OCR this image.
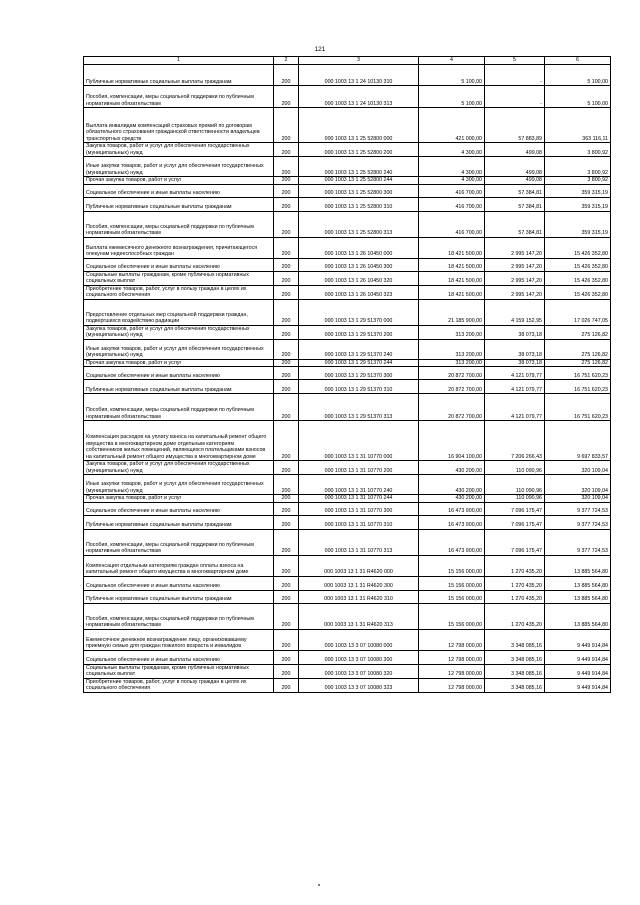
121
1	2	3	4	5	6
Публичные нормативные социальные выплаты гражданам	200	000 1003 13 1 24 10130 310	5 100,00	-	5 100,00
Пособия, компенсации, меры социальной поддержки по публичным нормативным обязательствам	200	000 1003 13 1 24 10130 313	5 100,00	-	5 100,00
Выплата инвалидам компенсаций страховых премий по договорам обязательного страхования гражданской ответственности владельцев транспортных средств	200	000 1003 13 1 25 52800 000	421 000,00	57 883,89	363 116,11
Закупка товаров, работ и услуг для обеспечения государственных (муниципальных) нужд	200	000 1003 13 1 25 52800 200	4 300,00	499,08	3 800,92
Иные закупки товаров, работ и услуг для обеспечения государственных (муниципальных) нужд	200	000 1003 13 1 25 52800 240	4 300,00	499,08	3 800,92
Прочая закупка товаров, работ и услуг	200	000 1003 13 1 25 52800 244	4 300,00	499,08	3 800,92
Социальное обеспечение и иные выплаты населению	200	000 1003 13 1 25 52800 300	416 700,00	57 384,81	359 315,19
Публичные нормативные социальные выплаты гражданам	200	000 1003 13 1 25 52800 310	416 700,00	57 384,81	359 315,19
Пособия, компенсации, меры социальной поддержки по публичным нормативным обязательствам	200	000 1003 13 1 25 52800 313	416 700,00	57 384,81	359 315,19
Выплата ежемесячного денежного вознаграждения, причитающегося опекунам недееспособных граждан	200	000 1003 13 1 26 10450 000	18 421 500,00	2 995 147,20	15 426 352,80
Социальное обеспечение и иные выплаты населению	200	000 1003 13 1 26 10450 300	18 421 500,00	2 995 147,20	15 426 352,80
Социальные выплаты гражданам, кроме публичных нормативных социальных выплат	200	000 1003 13 1 26 10450 320	18 421 500,00	2 995 147,20	15 426 352,80
Приобретение товаров, работ, услуг в пользу граждан в целях их социального обеспечения	200	000 1003 13 1 26 10450 323	18 421 500,00	2 995 147,20	15 426 352,80
Предоставление отдельных мер социальной поддержки граждан, подвергшихся воздействию радиации	200	000 1003 13 1 29 51370 000	21 185 900,00	4 159 152,95	17 026 747,05
Закупка товаров, работ и услуг для обеспечения государственных (муниципальных) нужд	200	000 1003 13 1 29 51370 200	313 200,00	38 073,18	275 126,82
Иные закупки товаров, работ и услуг для обеспечения государственных (муниципальных) нужд	200	000 1003 13 1 29 51370 240	313 200,00	38 073,18	275 126,82
Прочая закупка товаров, работ и услуг	200	000 1003 13 1 29 51370 244	313 200,00	38 073,18	275 126,82
Социальное обеспечение и иные выплаты населению	200	000 1003 13 1 29 51370 300	20 872 700,00	4 121 079,77	16 751 620,23
Публичные нормативные социальные выплаты гражданам	200	000 1003 13 1 29 51370 310	20 872 700,00	4 121 079,77	16 751 620,23
Пособия, компенсации, меры социальной поддержки по публичным нормативным обязательствам	200	000 1003 13 1 29 51370 313	20 872 700,00	4 121 079,77	16 751 620,23
Компенсация расходов на уплату взноса на капитальный ремонт общего имущества в многоквартирном доме отдельным категориям собственников жилых помещений, являющихся плательщиками взносов на капитальный ремонт общего имущества в многоквартирном доме	200	000 1003 13 1 31 10770 000	16 904 100,00	7 206 266,43	9 697 833,57
Закупка товаров, работ и услуг для обеспечения государственных (муниципальных) нужд	200	000 1003 13 1 31 10770 200	430 200,00	110 090,96	320 109,04
Иные закупки товаров, работ и услуг для обеспечения государственных (муниципальных) нужд	200	000 1003 13 1 31 10770 240	430 200,00	110 090,96	320 109,04
Прочая закупка товаров, работ и услуг	200	000 1003 13 1 31 10770 244	430 200,00	110 090,96	320 109,04
Социальное обеспечение и иные выплаты населению	200	000 1003 13 1 31 10770 300	16 473 900,00	7 096 175,47	9 377 724,53
Публичные нормативные социальные выплаты гражданам	200	000 1003 13 1 31 10770 310	16 473 900,00	7 096 175,47	9 377 724,53
Пособия, компенсации, меры социальной поддержки по публичным нормативным обязательствам	200	000 1003 13 1 31 10770 313	16 473 900,00	7 096 175,47	9 377 724,53
Компенсация отдельным категориям граждан оплаты взноса на капитальный ремонт общего имущества в многоквартирном доме	200	000 1003 13 1 31 R4620 000	15 156 000,00	1 270 435,20	13 885 564,80
Социальное обеспечение и иные выплаты населению	200	000 1003 13 1 31 R4620 300	15 156 000,00	1 270 435,20	13 885 564,80
Публичные нормативные социальные выплаты гражданам	200	000 1003 13 1 31 R4620 310	15 156 000,00	1 270 435,20	13 885 564,80
Пособия, компенсации, меры социальной поддержки по публичным нормативным обязательствам	200	000 1003 13 1 31 R4620 313	15 156 000,00	1 270 435,20	13 885 564,80
Ежемесячное денежное вознаграждение лицу, организовавшему приемную семью для граждан пожилого возраста и инвалидов	200	000 1003 13 3 07 10080 000	12 798 000,00	3 348 085,16	9 449 914,84
Социальное обеспечение и иные выплаты населению	200	000 1003 13 3 07 10080 300	12 798 000,00	3 348 085,16	9 449 914,84
Социальные выплаты гражданам, кроме публичных нормативных социальных выплат	200	000 1003 13 3 07 10080 320	12 798 000,00	3 348 085,16	9 449 914,84
Приобретение товаров, работ, услуг в пользу граждан в целях их социального обеспечения	200	000 1003 13 3 07 10080 323	12 798 000,00	3 348 085,16	9 449 914,84
